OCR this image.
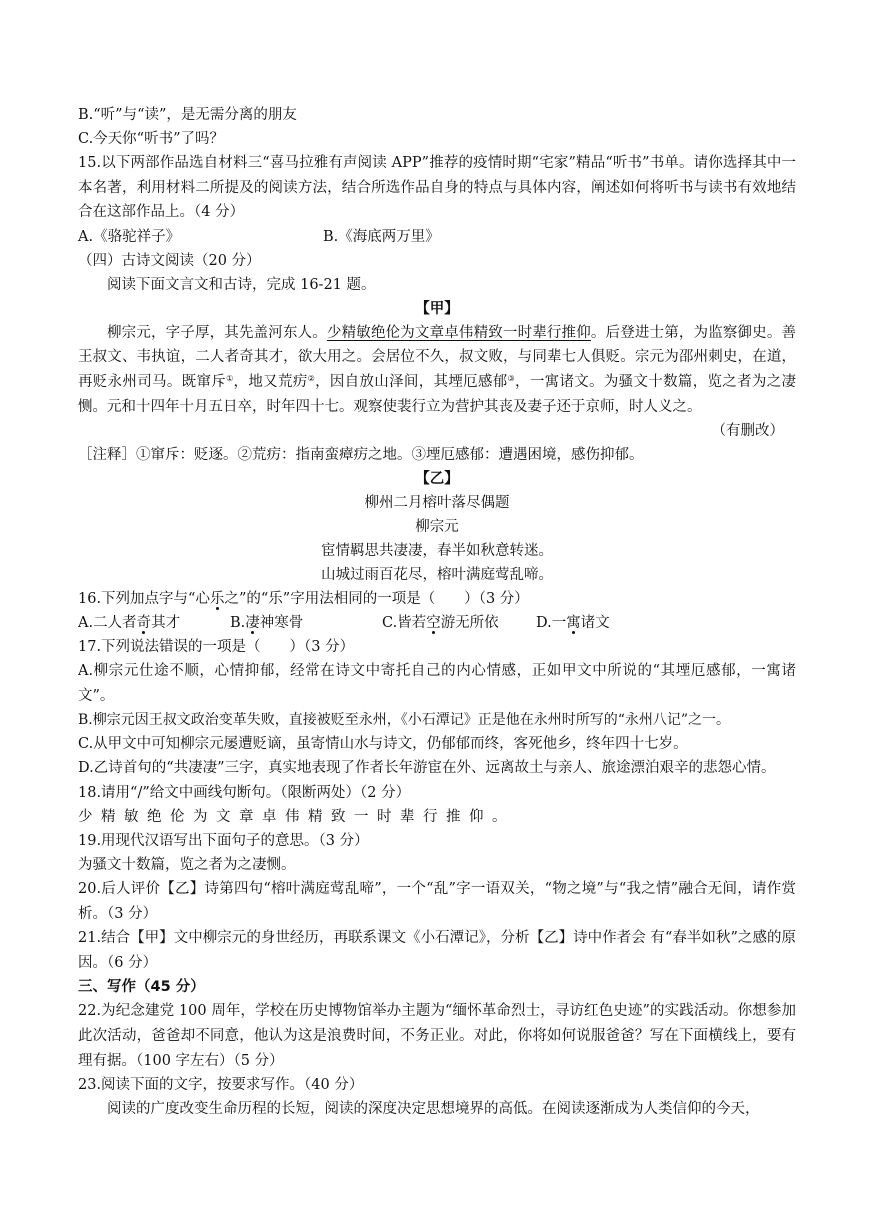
B.“听”与“读”，是无需分离的朋友
C.今天你“听书”了吗？
15.以下两部作品选自材料三“喜马拉雅有声阅读 APP”推荐的疫情时期“宅家”精品“听书”书单。请你选择其中一本名著，利用材料二所提及的阅读方法，结合所选作品自身的特点与具体内容，阐述如何将听书与读书有效地结合在这部作品上。（4 分）
A.《骆驼祥子》	B.《海底两万里》
（四）古诗文阅读（20 分）
阅读下面文言文和古诗，完成 16-21 题。
【甲】
柳宗元，字子厚，其先盖河东人。少精敏绝伦为文章卓伟精致一时辈行推仰。后登进士第，为监察御史。善王叔文、韦执谊，二人者奇其才，欲大用之。会居位不久，叔文败，与同辈七人俱贬。宗元为邵州刺史，在道，再贬永州司马。既窜斥①，地又荒疠②，因自放山泽间，其堙厄感郁③，一寓诸文。为骚文十数篇，览之者为之凄恻。元和十四年十月五日卒，时年四十七。观察使裴行立为营护其丧及妻子还于京师，时人义之。
（有删改）
［注释］①窜斥：贬逐。②荒疠：指南蛮瘴疠之地。③堙厄感郁：遭遇困境，感伤抑郁。
【乙】
柳州二月榕叶落尽偶题
柳宗元
宦情羁思共凄凄，春半如秋意转迷。
山城过雨百花尽，榕叶满庭莺乱啼。
16.下列加点字与“心乐之”的“乐”字用法相同的一项是（　　）（3 分）
A.二人者奇其才	B.凄神寒骨	C.皆若空游无所依	D.一寓诸文
17.下列说法错误的一项是（　　）（3 分）
A.柳宗元仕途不顺，心情抑郁，经常在诗文中寄托自己的内心情感，正如甲文中所说的“其堙厄感郁，一寓诸文”。
B.柳宗元因王叔文政治变革失败，直接被贬至永州，《小石潭记》正是他在永州时所写的“永州八记”之一。
C.从甲文中可知柳宗元屡遭贬谪，虽寄情山水与诗文，仍郁郁而终，客死他乡，终年四十七岁。
D.乙诗首句的“共凄凄”三字，真实地表现了作者长年游宦在外、远离故土与亲人、旅途漂泊艰辛的悲怨心情。
18.请用“/”给文中画线句断句。（限断两处）（2 分）
少精敏绝伦为文章卓伟精致一时辈行推仰。
19.用现代汉语写出下面句子的意思。（3 分）
为骚文十数篇，览之者为之凄恻。
20.后人评价【乙】诗第四句“榕叶满庭莺乱啼”，一个“乱”字一语双关，“物之境”与“我之情”融合无间，请作赏析。（3 分）
21.结合【甲】文中柳宗元的身世经历，再联系课文《小石潭记》，分析【乙】诗中作者会 有“春半如秋”之感的原因。（6 分）
三、写作（45 分）
22.为纪念建党 100 周年，学校在历史博物馆举办主题为“缅怀革命烈士，寻访红色史迹”的实践活动。你想参加此次活动，爸爸却不同意，他认为这是浪费时间，不务正业。对此，你将如何说服爸爸？写在下面横线上，要有理有据。（100 字左右）（5 分）
23.阅读下面的文字，按要求写作。（40 分）
阅读的广度改变生命历程的长短，阅读的深度决定思想境界的高低。在阅读逐渐成为人类信仰的今天，
